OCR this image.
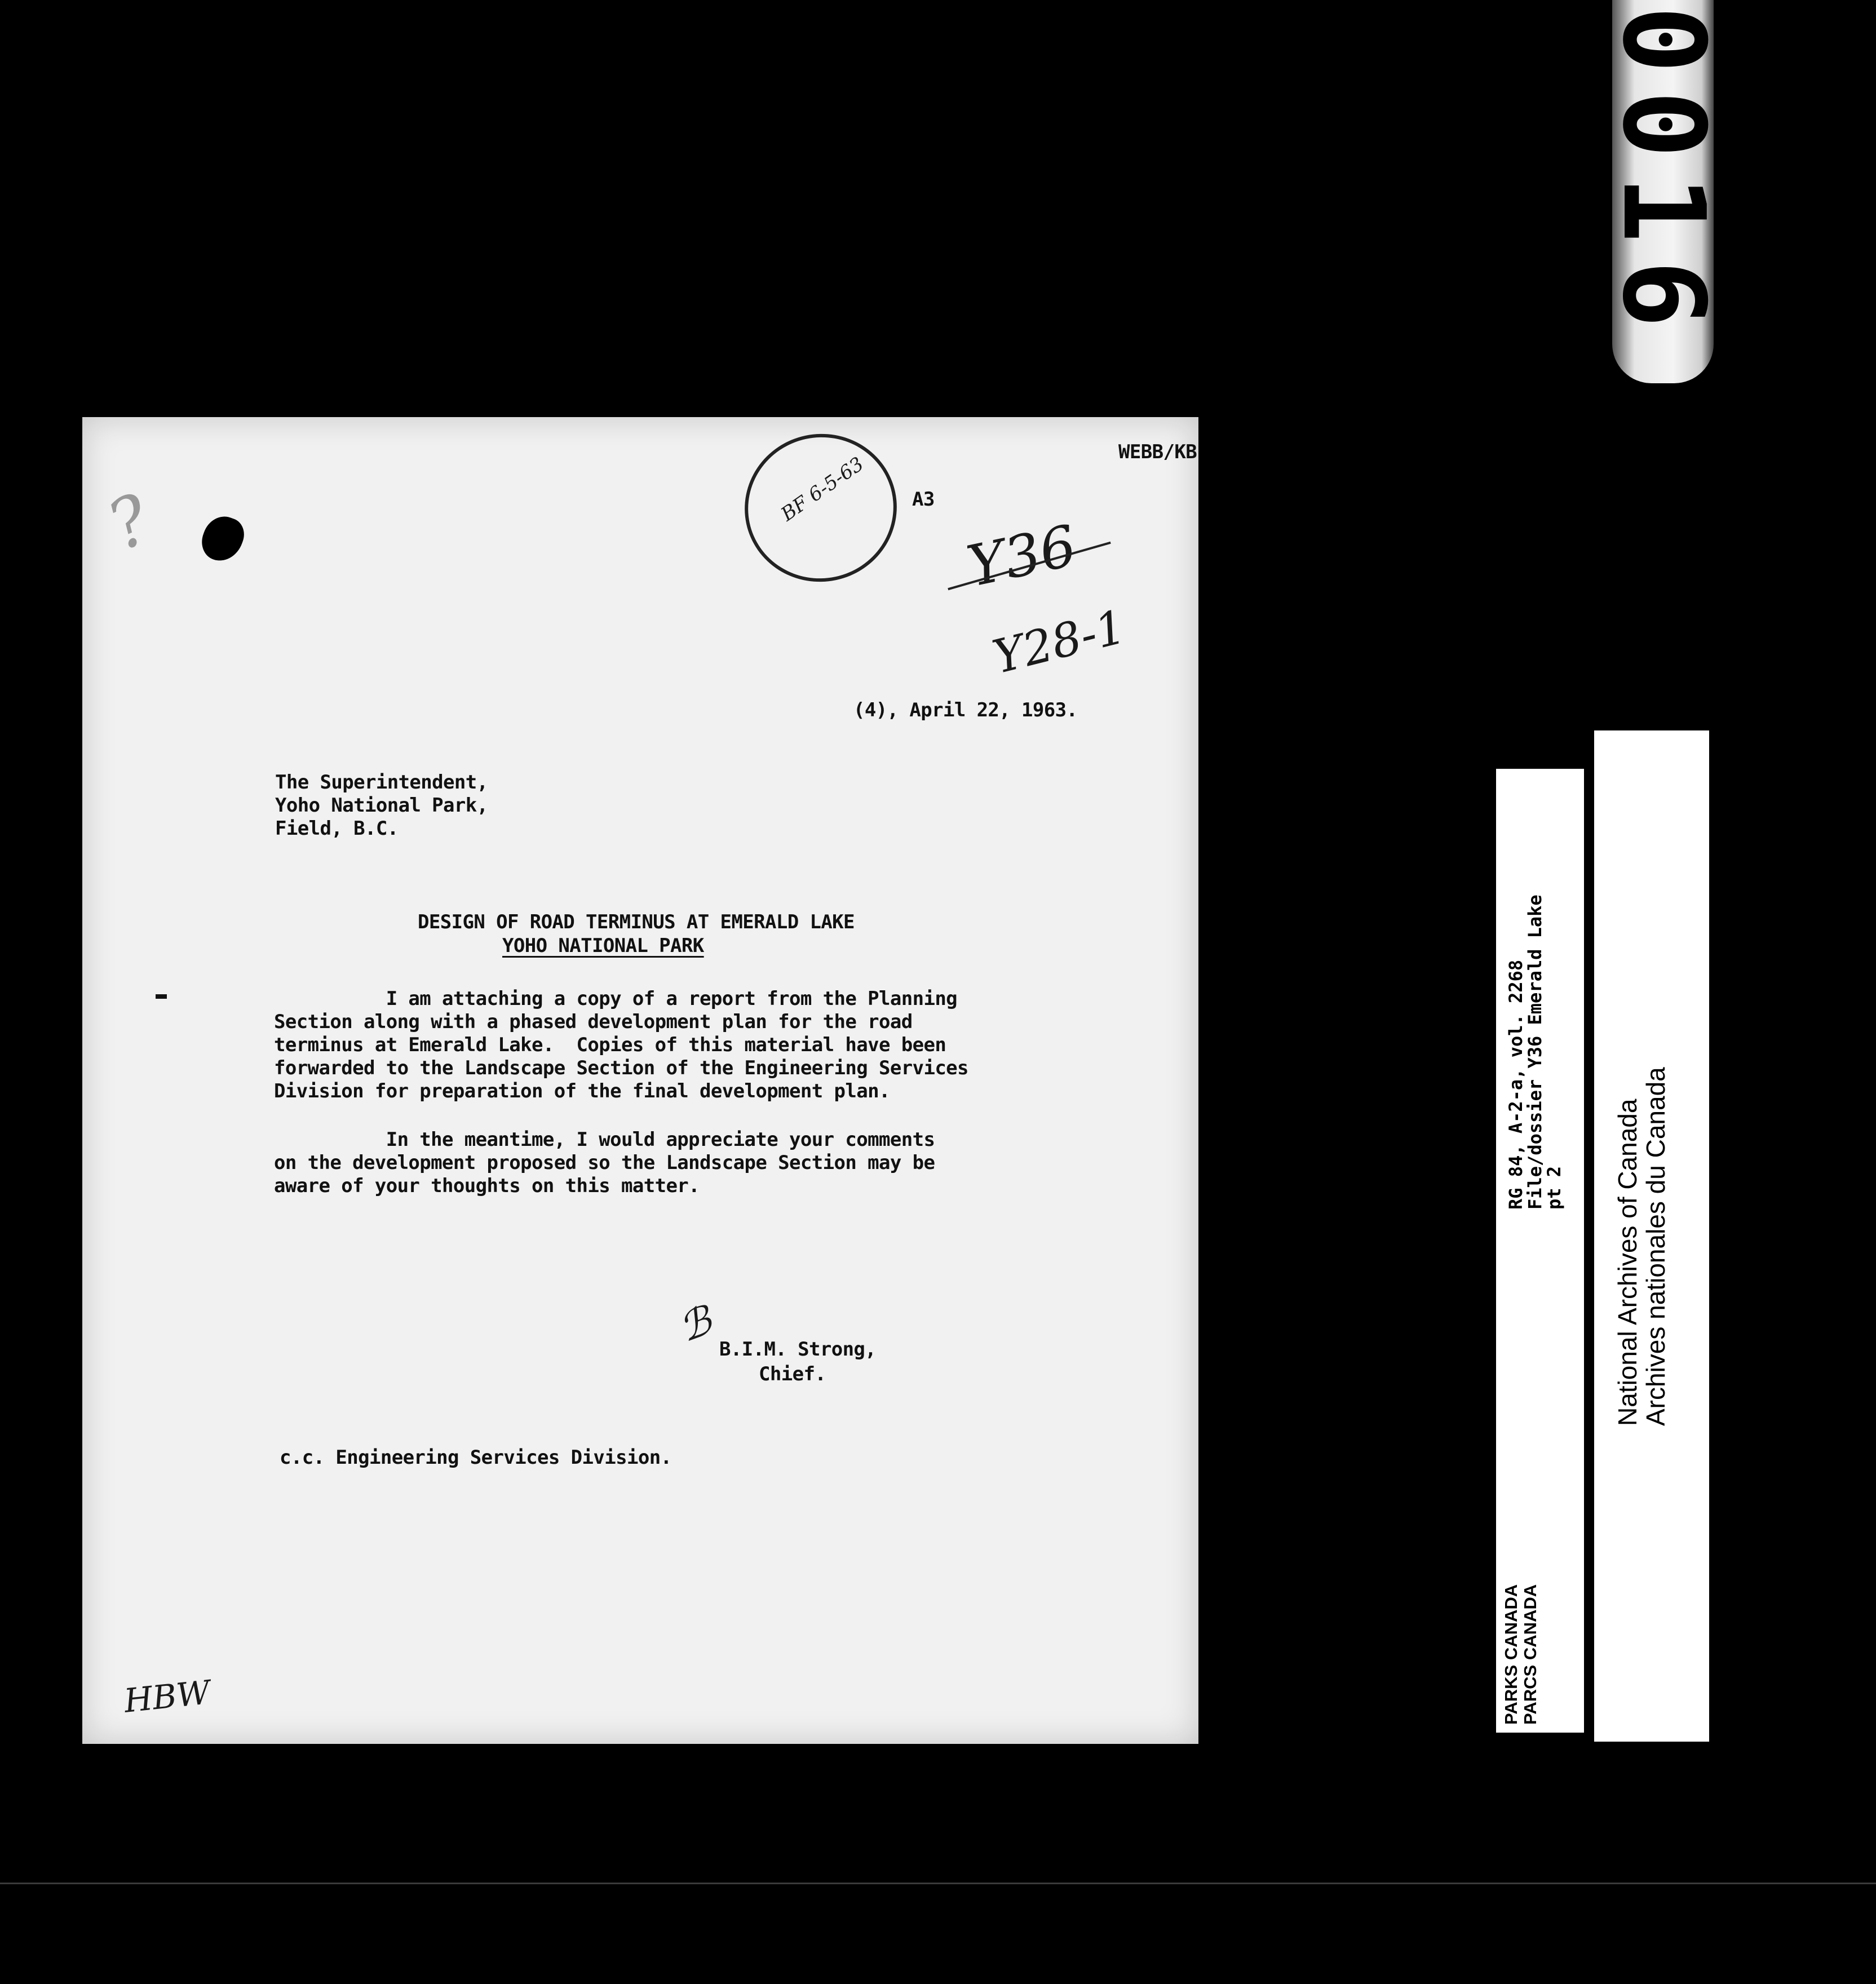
0016
?	BF 6-5-63
WEBB/KB
A3
Y36
Y28-1
(4), April 22, 1963.
The Superintendent,
Yoho National Park,
Field, B.C.
DESIGN OF ROAD TERMINUS AT EMERALD LAKE
YOHO NATIONAL PARK
I am attaching a copy of a report from the Planning
Section along with a phased development plan for the road
terminus at Emerald Lake.  Copies of this material have been
forwarded to the Landscape Section of the Engineering Services
Division for preparation of the final development plan.
In the meantime, I would appreciate your comments
on the development proposed so the Landscape Section may be
aware of your thoughts on this matter.
ℬ B.I.M. Strong,
Chief.
c.c. Engineering Services Division.
HBW	PARKS CANADA
PARCS CANADA
RG 84, A-2-a, vol. 2268
File/dossier Y36 Emerald Lake
pt 2
National Archives of Canada
Archives nationales du Canada
